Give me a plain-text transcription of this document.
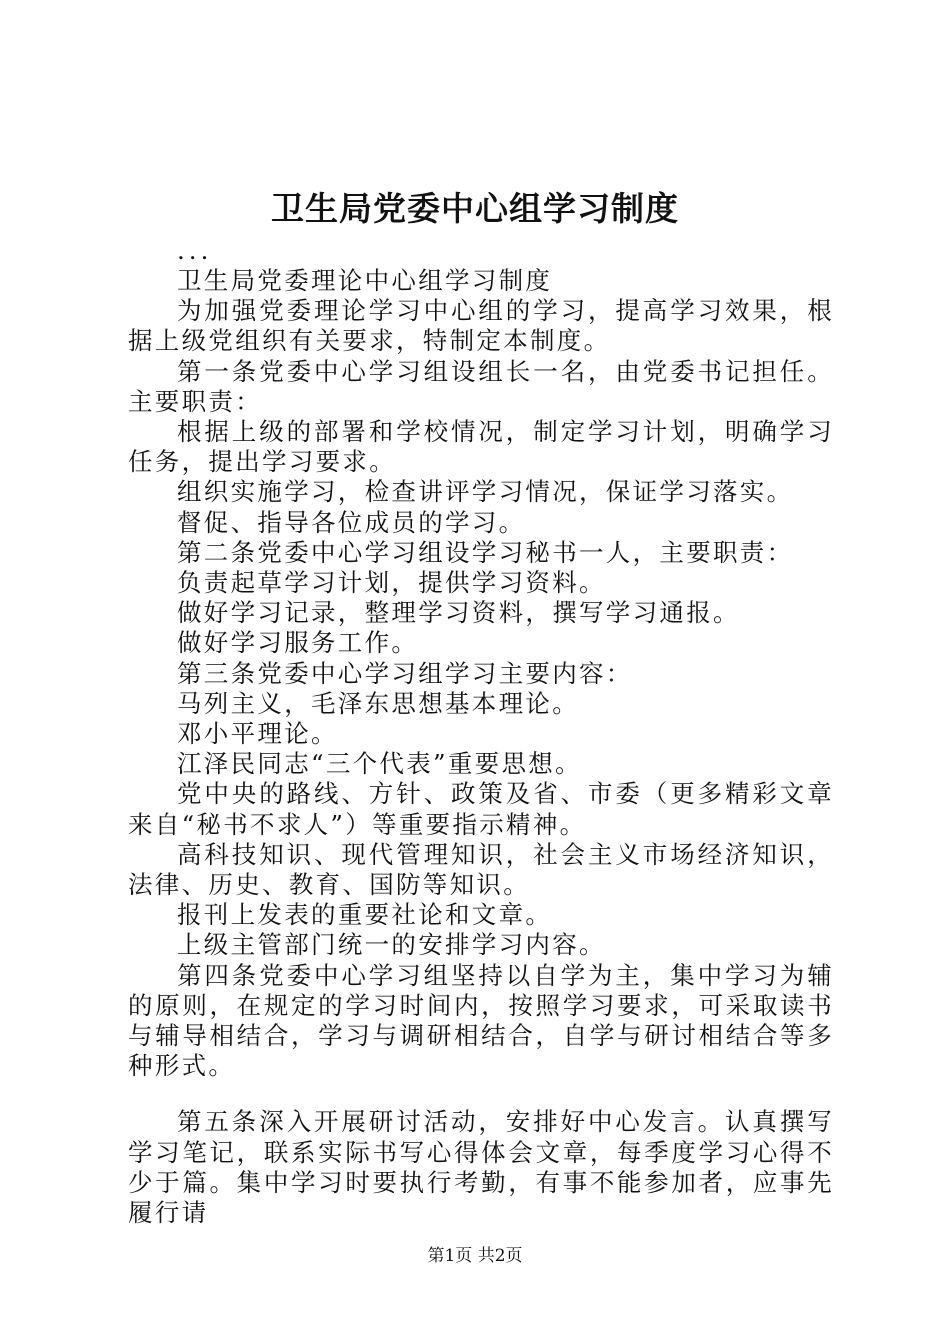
卫生局党委中心组学习制度

...

卫生局党委理论中心组学习制度

为加强党委理论学习中心组的学习，提高学习效果，根据上级党组织有关要求，特制定本制度。

第一条党委中心学习组设组长一名，由党委书记担任。主要职责：

根据上级的部署和学校情况，制定学习计划，明确学习任务，提出学习要求。

组织实施学习，检查讲评学习情况，保证学习落实。

督促、指导各位成员的学习。

第二条党委中心学习组设学习秘书一人，主要职责：

负责起草学习计划，提供学习资料。

做好学习记录，整理学习资料，撰写学习通报。

做好学习服务工作。

第三条党委中心学习组学习主要内容：

马列主义，毛泽东思想基本理论。

邓小平理论。

江泽民同志“三个代表”重要思想。

党中央的路线、方针、政策及省、市委（更多精彩文章来自“秘书不求人”）等重要指示精神。

高科技知识、现代管理知识，社会主义市场经济知识，法律、历史、教育、国防等知识。

报刊上发表的重要社论和文章。

上级主管部门统一的安排学习内容。

第四条党委中心学习组坚持以自学为主，集中学习为辅的原则，在规定的学习时间内，按照学习要求，可采取读书与辅导相结合，学习与调研相结合，自学与研讨相结合等多种形式。

第五条深入开展研讨活动，安排好中心发言。认真撰写学习笔记，联系实际书写心得体会文章，每季度学习心得不少于篇。集中学习时要执行考勤，有事不能参加者，应事先履行请

第1页 共2页
